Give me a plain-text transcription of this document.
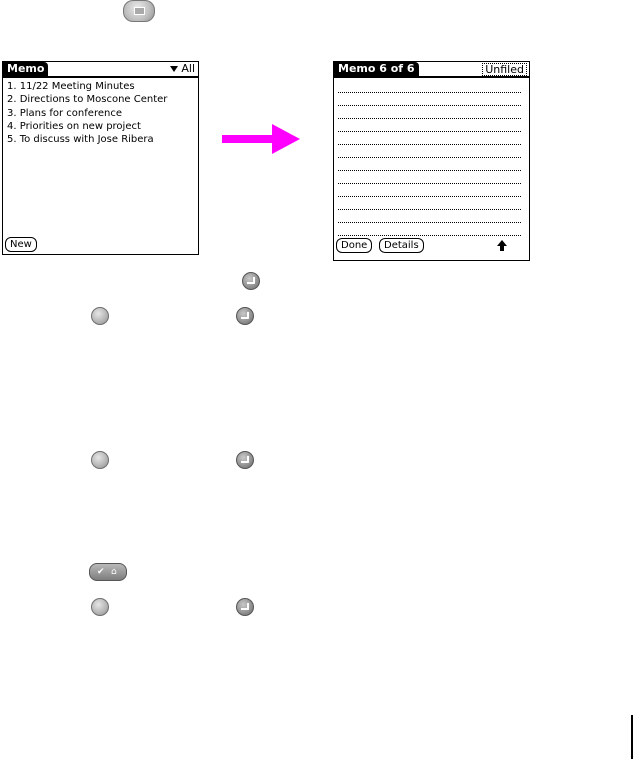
Memo	All
1. 11/22 Meeting Minutes
2. Directions to Moscone Center
3. Plans for conference
4. Priorities on new project
5. To discuss with Jose Ribera
New
Memo 6 of 6	Unfiled
Done	Details
✔ ⌂
